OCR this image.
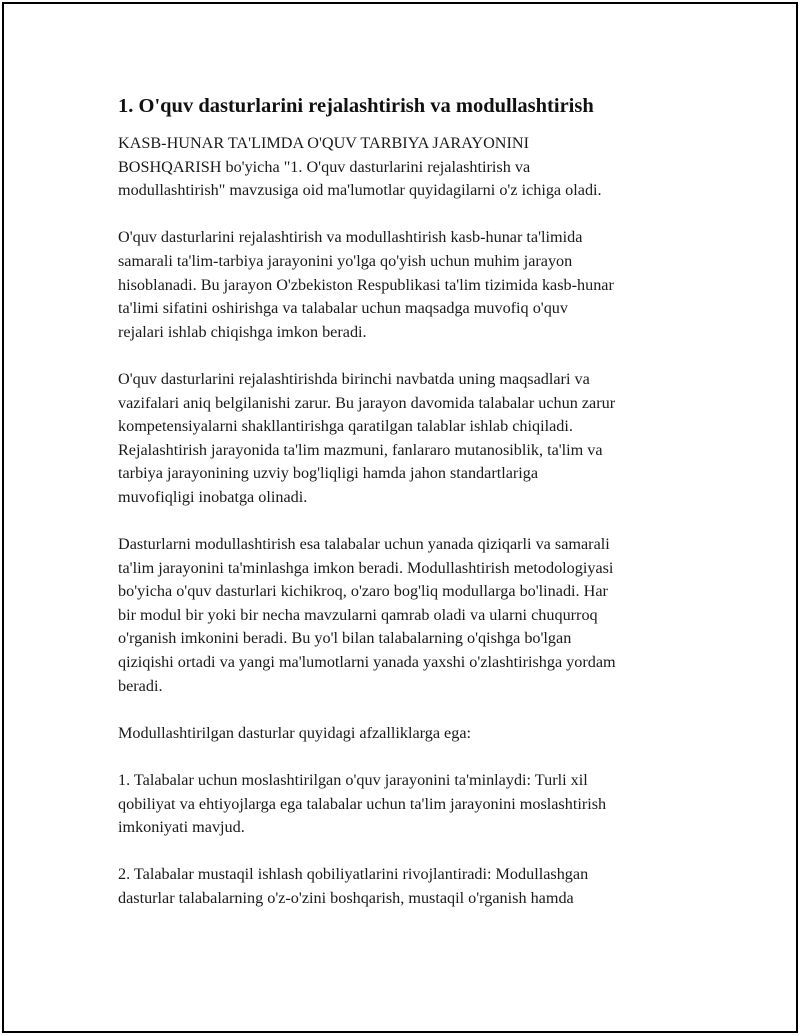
1. O'quv dasturlarini rejalashtirish va modullashtirish

KASB-HUNAR TA'LIMDA O'QUV TARBIYA JARAYONINI
BOSHQARISH bo'yicha "1. O'quv dasturlarini rejalashtirish va
modullashtirish" mavzusiga oid ma'lumotlar quyidagilarni o'z ichiga oladi.

O'quv dasturlarini rejalashtirish va modullashtirish kasb-hunar ta'limida
samarali ta'lim-tarbiya jarayonini yo'lga qo'yish uchun muhim jarayon
hisoblanadi. Bu jarayon O'zbekiston Respublikasi ta'lim tizimida kasb-hunar
ta'limi sifatini oshirishga va talabalar uchun maqsadga muvofiq o'quv
rejalari ishlab chiqishga imkon beradi.

O'quv dasturlarini rejalashtirishda birinchi navbatda uning maqsadlari va
vazifalari aniq belgilanishi zarur. Bu jarayon davomida talabalar uchun zarur
kompetensiyalarni shakllantirishga qaratilgan talablar ishlab chiqiladi.
Rejalashtirish jarayonida ta'lim mazmuni, fanlararo mutanosiblik, ta'lim va
tarbiya jarayonining uzviy bog'liqligi hamda jahon standartlariga
muvofiqligi inobatga olinadi.

Dasturlarni modullashtirish esa talabalar uchun yanada qiziqarli va samarali
ta'lim jarayonini ta'minlashga imkon beradi. Modullashtirish metodologiyasi
bo'yicha o'quv dasturlari kichikroq, o'zaro bog'liq modullarga bo'linadi. Har
bir modul bir yoki bir necha mavzularni qamrab oladi va ularni chuqurroq
o'rganish imkonini beradi. Bu yo'l bilan talabalarning o'qishga bo'lgan
qiziqishi ortadi va yangi ma'lumotlarni yanada yaxshi o'zlashtirishga yordam
beradi.

Modullashtirilgan dasturlar quyidagi afzalliklarga ega:

1. Talabalar uchun moslashtirilgan o'quv jarayonini ta'minlaydi: Turli xil
qobiliyat va ehtiyojlarga ega talabalar uchun ta'lim jarayonini moslashtirish
imkoniyati mavjud.

2. Talabalar mustaqil ishlash qobiliyatlarini rivojlantiradi: Modullashgan
dasturlar talabalarning o'z-o'zini boshqarish, mustaqil o'rganish hamda
